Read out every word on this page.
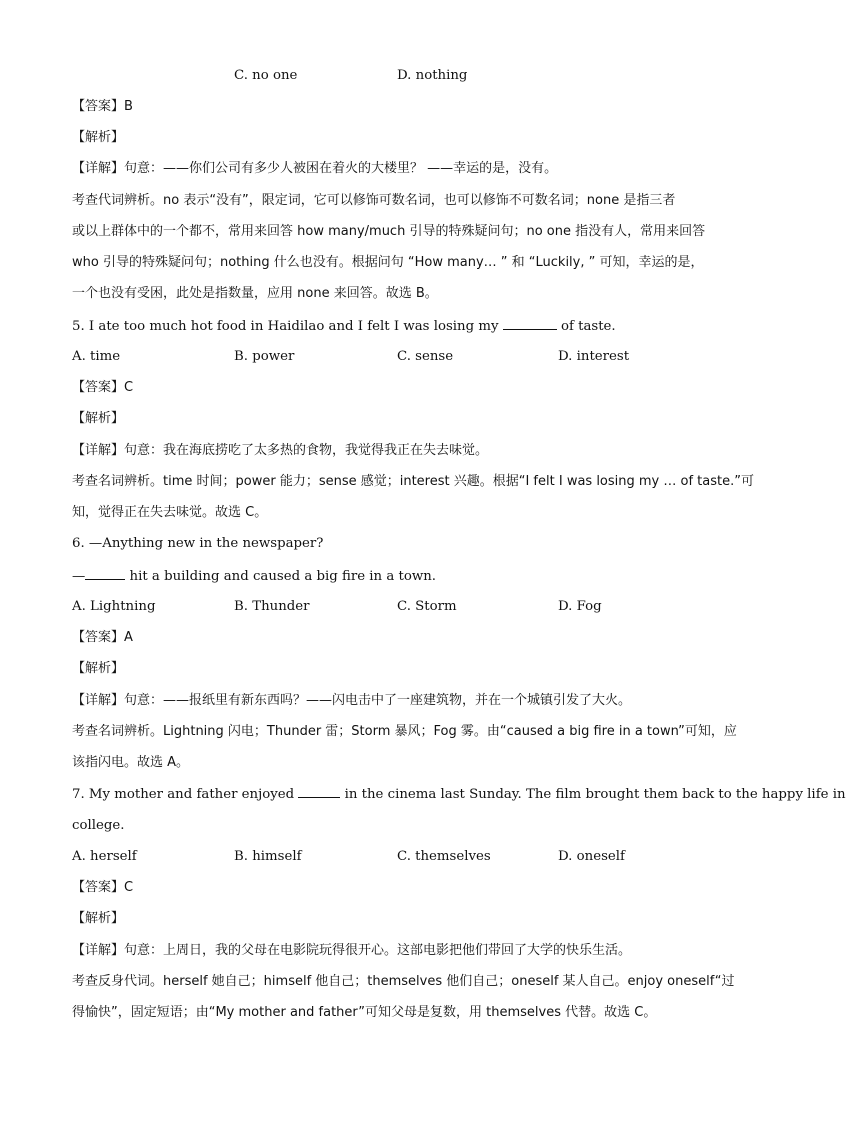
C. no one	D. nothing
【答案】B
【解析】
【详解】句意：——你们公司有多少人被困在着火的大楼里？ ——幸运的是，没有。
考查代词辨析。no 表示“没有”，限定词，它可以修饰可数名词，也可以修饰不可数名词；none 是指三者
或以上群体中的一个都不，常用来回答 how many/much 引导的特殊疑问句；no one 指没有人，常用来回答
who 引导的特殊疑问句；nothing 什么也没有。根据问句 “How many… ” 和 “Luckily, ” 可知，幸运的是，
一个也没有受困，此处是指数量，应用 none 来回答。故选 B。
5. I ate too much hot food in Haidilao and I felt I was losing my	of taste.
A. time	B. power	C. sense	D. interest
【答案】C
【解析】
【详解】句意：我在海底捞吃了太多热的食物，我觉得我正在失去味觉。
考查名词辨析。time 时间；power 能力；sense 感觉；interest 兴趣。根据“I felt I was losing my … of taste.”可
知，觉得正在失去味觉。故选 C。
6. —Anything new in the newspaper?
—	hit a building and caused a big fire in a town.
A. Lightning	B. Thunder	C. Storm	D. Fog
【答案】A
【解析】
【详解】句意：——报纸里有新东西吗？——闪电击中了一座建筑物，并在一个城镇引发了大火。
考查名词辨析。Lightning 闪电；Thunder 雷；Storm 暴风；Fog 雾。由“caused a big fire in a town”可知，应
该指闪电。故选 A。
7. My mother and father enjoyed	in the cinema last Sunday. The film brought them back to the happy life in
college.
A. herself	B. himself	C. themselves	D. oneself
【答案】C
【解析】
【详解】句意：上周日，我的父母在电影院玩得很开心。这部电影把他们带回了大学的快乐生活。
考查反身代词。herself 她自己；himself 他自己；themselves 他们自己；oneself 某人自己。enjoy oneself“过
得愉快”，固定短语；由“My mother and father”可知父母是复数，用 themselves 代替。故选 C。
